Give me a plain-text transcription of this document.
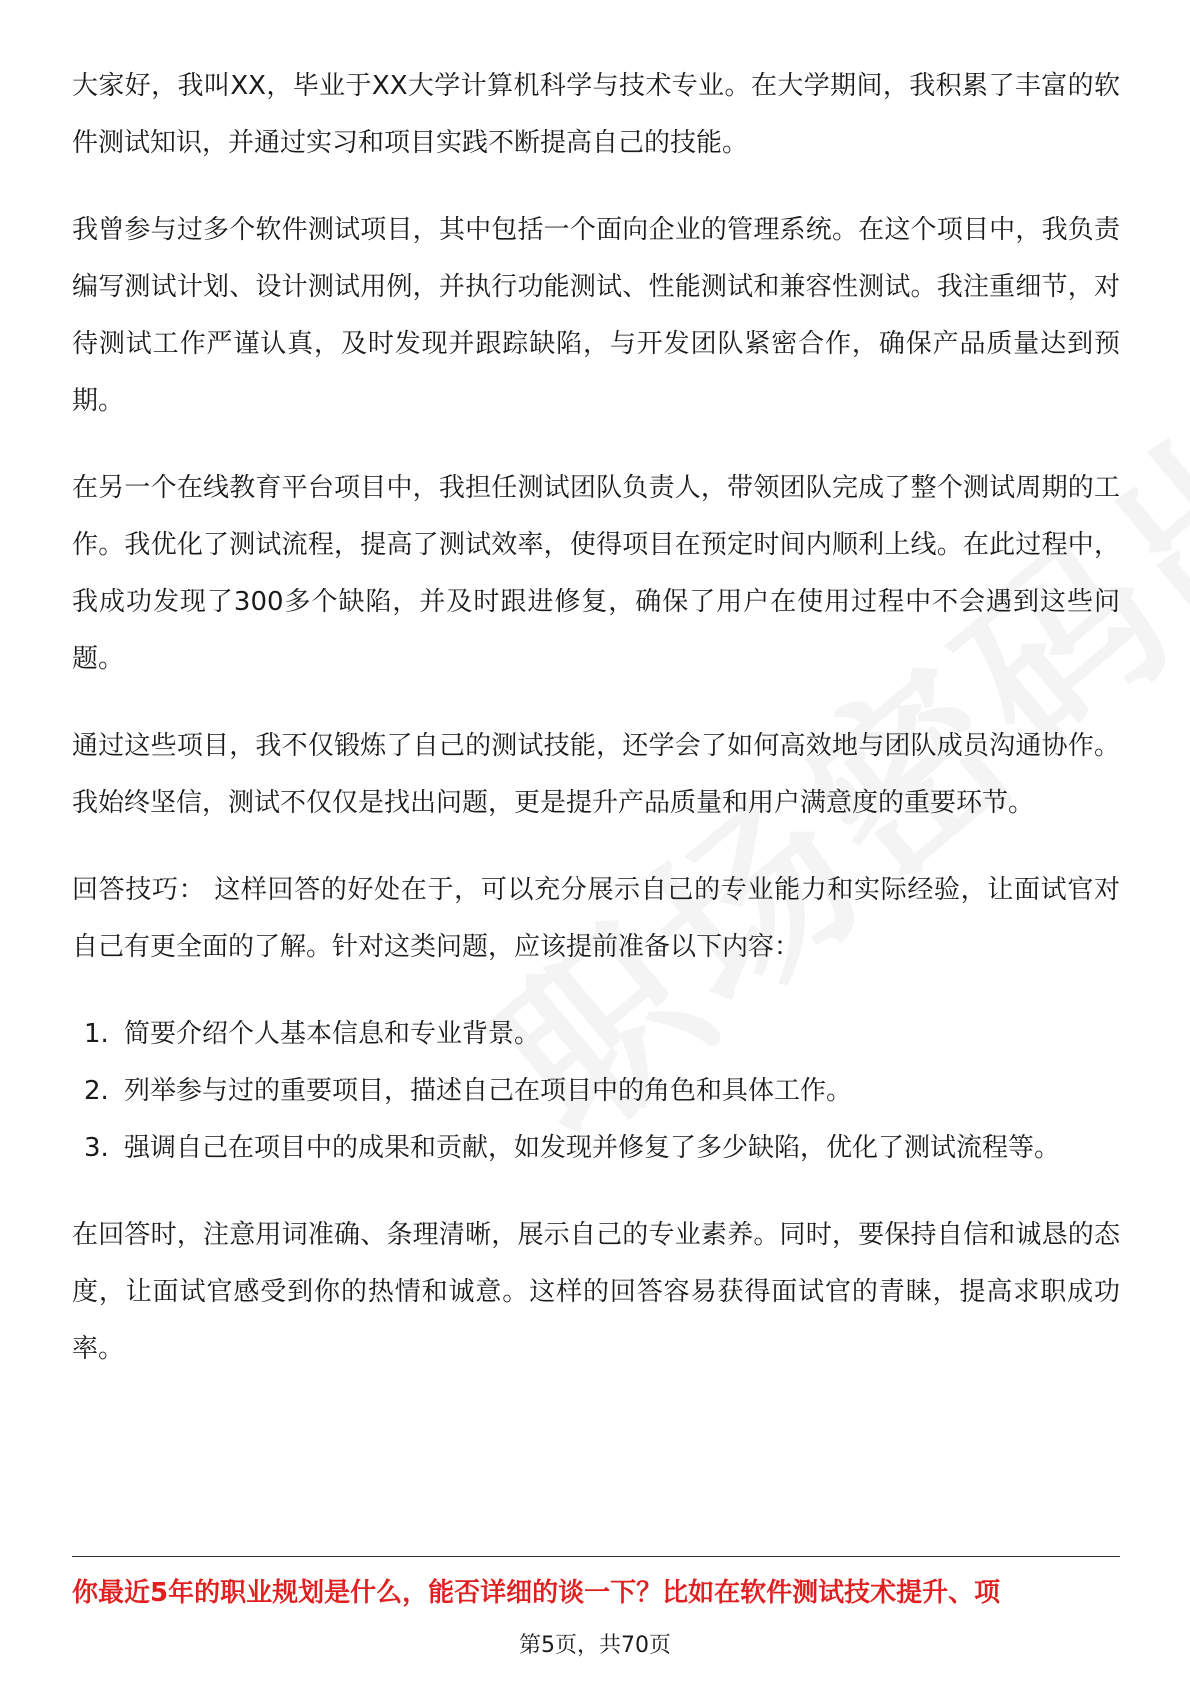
大家好，我叫XX，毕业于XX大学计算机科学与技术专业。在大学期间，我积累了丰富的软件测试知识，并通过实习和项目实践不断提高自己的技能。

我曾参与过多个软件测试项目，其中包括一个面向企业的管理系统。在这个项目中，我负责编写测试计划、设计测试用例，并执行功能测试、性能测试和兼容性测试。我注重细节，对待测试工作严谨认真，及时发现并跟踪缺陷，与开发团队紧密合作，确保产品质量达到预期。

在另一个在线教育平台项目中，我担任测试团队负责人，带领团队完成了整个测试周期的工作。我优化了测试流程，提高了测试效率，使得项目在预定时间内顺利上线。在此过程中，我成功发现了300多个缺陷，并及时跟进修复，确保了用户在使用过程中不会遇到这些问题。

通过这些项目，我不仅锻炼了自己的测试技能，还学会了如何高效地与团队成员沟通协作。我始终坚信，测试不仅仅是找出问题，更是提升产品质量和用户满意度的重要环节。

回答技巧： 这样回答的好处在于，可以充分展示自己的专业能力和实际经验，让面试官对自己有更全面的了解。针对这类问题，应该提前准备以下内容：

1. 简要介绍个人基本信息和专业背景。
2. 列举参与过的重要项目，描述自己在项目中的角色和具体工作。
3. 强调自己在项目中的成果和贡献，如发现并修复了多少缺陷，优化了测试流程等。

在回答时，注意用词准确、条理清晰，展示自己的专业素养。同时，要保持自信和诚恳的态度，让面试官感受到你的热情和诚意。这样的回答容易获得面试官的青睐，提高求职成功率。

你最近5年的职业规划是什么，能否详细的谈一下？比如在软件测试技术提升、项
第5页，共70页
